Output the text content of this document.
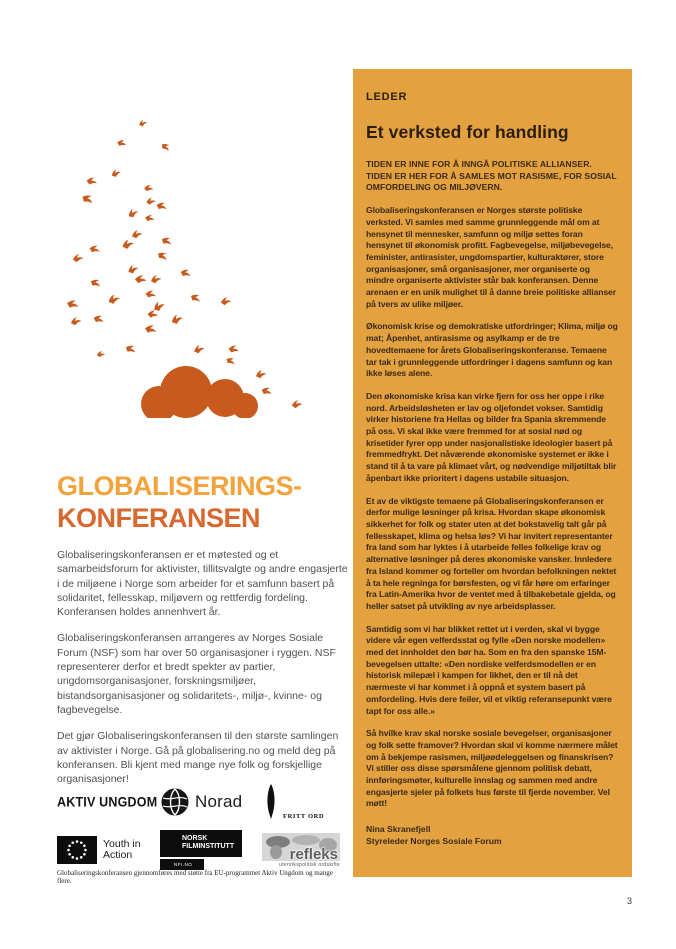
GLOBALISERINGS-
KONFERANSEN

Globaliseringskonferansen er et møtested og et samarbeidsforum for aktivister, tillitsvalgte og andre engasjerte i de miljøene i Norge som arbeider for et samfunn basert på solidaritet, fellesskap, miljøvern og rettferdig fordeling. Konferansen holdes annenhvert år.

Globaliseringskonferansen arrangeres av Norges Sosiale Forum (NSF) som har over 50 organisasjoner i ryggen. NSF representerer derfor et bredt spekter av partier, ungdomsorganisasjoner, forskningsmiljøer, bistandsorganisasjoner og solidaritets-, miljø-, kvinne- og fagbevegelse.

Det gjør Globaliseringskonferansen til den største samlingen av aktivister i Norge. Gå på globalisering.no og meld deg på konferansen. Bli kjent med mange nye folk og forskjellige organisasjoner!

AKTIV UNGDOM Norad
FRITT ORD
Youth in Action
NORSK FILMINSTITUTT
NFI.NO
refleks
utenrikspolitisk ordskifte
Globaliseringskonferansen gjennomføres med støtte fra EU-programmet Aktiv Ungdom og mange flere.
LEDER
Et verksted for handling

TIDEN ER INNE FOR Å INNGÅ POLITISKE ALLIANSER. TIDEN ER HER FOR Å SAMLES MOT RASISME, FOR SOSIAL OMFORDELING OG MILJØVERN.

Globaliseringskonferansen er Norges største politiske verksted. Vi samles med samme grunnleggende mål om at hensynet til mennesker, samfunn og miljø settes foran hensynet til økonomisk profitt. Fagbevegelse, miljøbevegelse, feminister, antirasister, ungdomspartier, kulturaktører, store organisasjoner, små organisasjoner, mer organiserte og mindre organiserte aktivister står bak konferansen. Denne arenaen er en unik mulighet til å danne breie politiske allianser på tvers av ulike miljøer.

Økonomisk krise og demokratiske utfordringer; Klima, miljø og mat; Åpenhet, antirasisme og asylkamp er de tre hovedtemaene for årets Globaliseringskonferanse. Temaene tar tak i grunnleggende utfordringer i dagens samfunn og kan ikke løses alene.

Den økonomiske krisa kan virke fjern for oss her oppe i rike nord. Arbeidsløsheten er lav og oljefondet vokser. Samtidig virker historiene fra Hellas og bilder fra Spania skremmende på oss. Vi skal ikke være fremmed for at sosial nød og krisetider fyrer opp under nasjonalistiske ideologier basert på fremmedfrykt. Det nåværende økonomiske systemet er ikke i stand til å ta vare på klimaet vårt, og nødvendige miljøtiltak blir åpenbart ikke prioritert i dagens ustabile situasjon.

Et av de viktigste temaene på Globaliseringskonferansen er derfor mulige løsninger på krisa. Hvordan skape økonomisk sikkerhet for folk og stater uten at det bokstavelig talt går på fellesskapet, klima og helsa løs? Vi har invitert representanter fra land som har lyktes i å utarbeide felles folkelige krav og alternative løsninger på deres økonomiske vansker. Innledere fra Island kommer og forteller om hvordan befolkningen nektet å ta hele regninga for børsfesten, og vi får høre om erfaringer fra Latin-Amerika hvor de ventet med å tilbakebetale gjelda, og heller satset på utvikling av nye arbeidsplasser.

Samtidig som vi har blikket rettet ut i verden, skal vi bygge videre vår egen velferdsstat og fylle «Den norske modellen» med det innholdet den bør ha. Som en fra den spanske 15M-bevegelsen uttalte: «Den nordiske velferdsmodellen er en historisk milepæl i kampen for likhet, den er til nå det nærmeste vi har kommet i å oppnå et system basert på omfordeling. Hvis dere feiler, vil et viktig referansepunkt være tapt for oss alle.»

Så hvilke krav skal norske sosiale bevegelser, organisasjoner og folk sette framover? Hvordan skal vi komme nærmere målet om å bekjempe rasismen, miljøødeleggelsen og finanskrisen? Vi stiller oss disse spørsmålene gjennom politisk debatt, innføringsmøter, kulturelle innslag og sammen med andre engasjerte sjeler på folkets hus første til fjerde november. Vel møtt!

Nina Skranefjell
Styreleder Norges Sosiale Forum
3
